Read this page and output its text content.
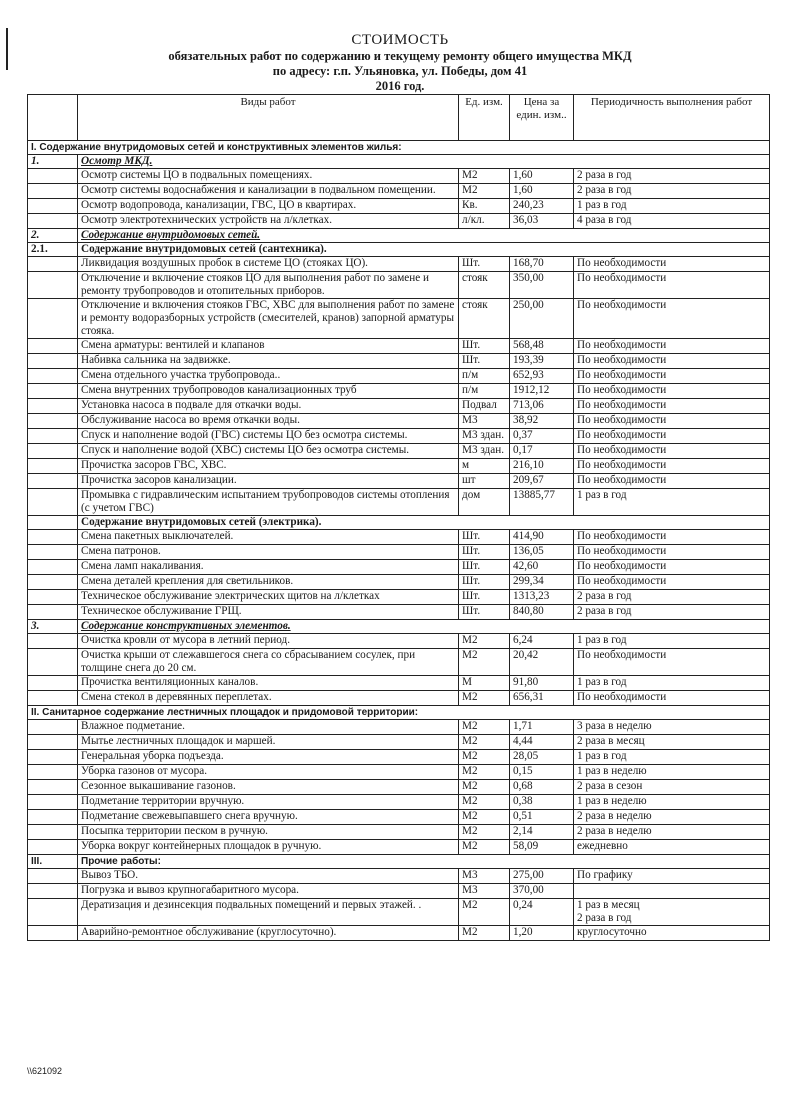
СТОИМОСТЬ
обязательных работ по содержанию и текущему ремонту общего имущества МКД
по адресу: г.п. Ульяновка, ул. Победы, дом 41
2016 год.
	Виды работ	Ед. изм.	Цена за един. изм..	Периодичность выполнения работ
I. Содержание внутридомовых сетей и конструктивных элементов жилья:				
1.	Осмотр МКД.			
	Осмотр системы ЦО в подвальных помещениях.	М2	1,60	2 раза в год
	Осмотр системы водоснабжения и канализации в подвальном помещении.	М2	1,60	2 раза в год
	Осмотр водопровода, канализации, ГВС, ЦО в квартирах.	Кв.	240,23	1 раз в год
	Осмотр электротехнических устройств на л/клетках.	л/кл.	36,03	4 раза в год
2.	Содержание внутридомовых сетей.			
2.1.	Содержание внутридомовых сетей (сантехника).			
	Ликвидация воздушных пробок в системе ЦО (стояках ЦО).	Шт.	168,70	По необходимости
	Отключение и включение стояков ЦО для выполнения работ по замене и ремонту трубопроводов и отопительных приборов.	стояк	350,00	По необходимости
	Отключение и включения стояков ГВС, ХВС для выполнения работ по замене и ремонту водоразборных устройств (смесителей, кранов) запорной арматуры стояка.	стояк	250,00	По необходимости
	Смена арматуры: вентилей и клапанов	Шт.	568,48	По необходимости
	Набивка сальника на задвижке.	Шт.	193,39	По необходимости
	Смена отдельного участка трубопровода..	п/м	652,93	По необходимости
	Смена внутренних трубопроводов канализационных труб	п/м	1912,12	По необходимости
	Установка насоса в подвале для откачки воды.	Подвал	713,06	По необходимости
	Обслуживание насоса во время откачки воды.	М3	38,92	По необходимости
	Спуск и наполнение водой (ГВС) системы ЦО без осмотра системы.	М3 здан.	0,37	По необходимости
	Спуск и наполнение водой (ХВС) системы ЦО без осмотра системы.	М3 здан.	0,17	По необходимости
	Прочистка засоров ГВС, ХВС.	м	216,10	По необходимости
	Прочистка засоров канализации.	шт	209,67	По необходимости
	Промывка с гидравлическим испытанием трубопроводов системы отопления (с учетом ГВС)	дом	13885,77	1 раз в год
	Содержание внутридомовых сетей (электрика).			
	Смена пакетных выключателей.	Шт.	414,90	По необходимости
	Смена патронов.	Шт.	136,05	По необходимости
	Смена ламп накаливания.	Шт.	42,60	По необходимости
	Смена деталей крепления для светильников.	Шт.	299,34	По необходимости
	Техническое обслуживание электрических щитов на л/клетках	Шт.	1313,23	2 раза в год
	Техническое обслуживание ГРЩ.	Шт.	840,80	2 раза в год
3.	Содержание конструктивных элементов.			
	Очистка кровли от мусора в летний период.	М2	6,24	1 раз в год
	Очистка крыши от слежавшегося снега со сбрасыванием сосулек, при толщине снега до 20 см.	М2	20,42	По необходимости
	Прочистка вентиляционных каналов.	М	91,80	1 раз в год
	Смена стекол в деревянных переплетах.	М2	656,31	По необходимости
II. Санитарное содержание лестничных площадок и придомовой территории:				
	Влажное подметание.	М2	1,71	3 раза в неделю
	Мытье лестничных площадок и маршей.	М2	4,44	2 раза в месяц
	Генеральная уборка подъезда.	М2	28,05	1 раз в год
	Уборка газонов от мусора.	М2	0,15	1 раз в неделю
	Сезонное выкашивание газонов.	М2	0,68	2 раза в сезон
	Подметание территории вручную.	М2	0,38	1 раз в неделю
	Подметание свежевыпавшего снега вручную.	М2	0,51	2 раза в неделю
	Посыпка территории песком в ручную.	М2	2,14	2 раза в неделю
	Уборка вокруг контейнерных площадок в ручную.	М2	58,09	ежедневно
III.	Прочие работы:			
	Вывоз ТБО.	М3	275,00	По графику
	Погрузка и вывоз крупногабаритного мусора.	М3	370,00	
	Дератизация и дезинсекция подвальных помещений и первых этажей. .	М2	0,24	1 раз в месяц
2 раза в год
	Аварийно-ремонтное обслуживание (круглосуточно).	М2	1,20	круглосуточно
\\621092
